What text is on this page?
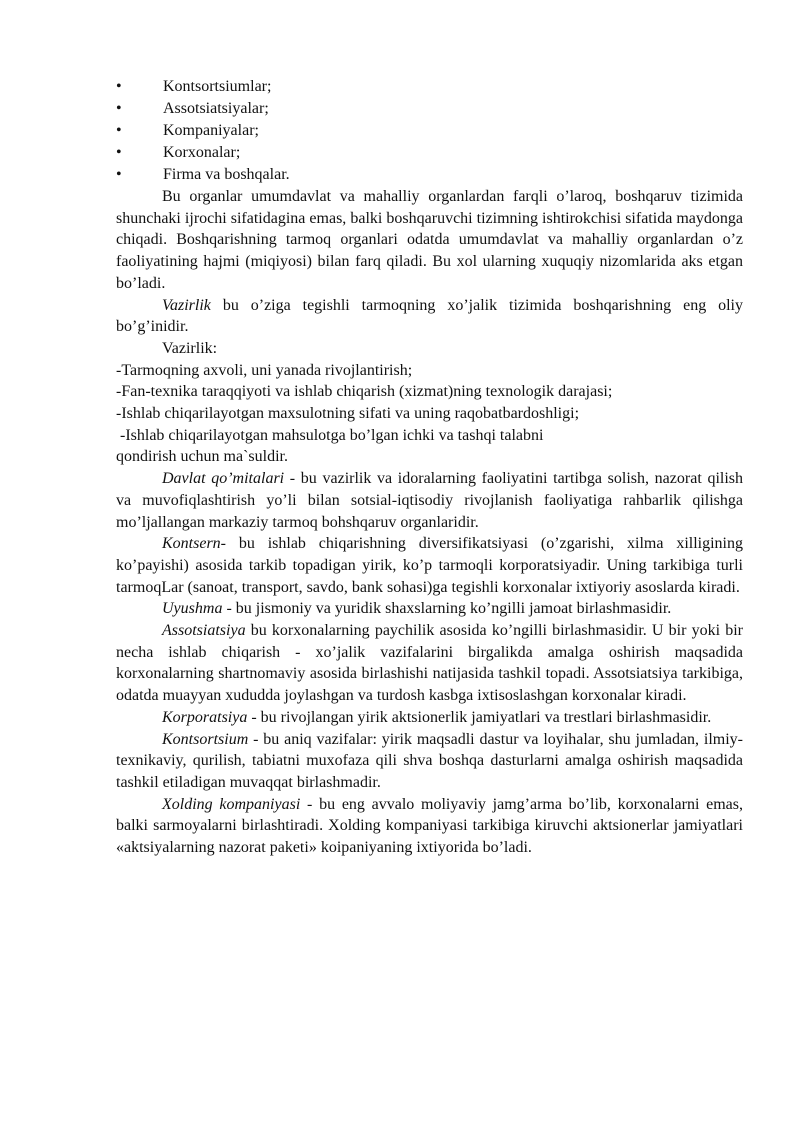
•	Kontsortsiumlar;
•	Assotsiatsiyalar;
•	Kompaniyalar;
•	Korxonalar;
•	Firma va boshqalar.

Bu organlar umumdavlat va mahalliy organlardan farqli o’laroq, boshqaruv tizimida shunchaki ijrochi sifatidagina emas, balki boshqaruvchi tizimning ishtirokchisi sifatida maydonga chiqadi. Boshqarishning tarmoq organlari odatda umumdavlat va mahalliy organlardan o’z faoliyatining hajmi (miqiyosi) bilan farq qiladi. Bu xol ularning xuquqiy nizomlarida aks etgan bo’ladi.

Vazirlik bu o’ziga tegishli tarmoqning xo’jalik tizimida boshqarishning eng oliy bo’g’inidir.

Vazirlik:

-Tarmoqning axvoli, uni yanada rivojlantirish;
-Fan-texnika taraqqiyoti va ishlab chiqarish (xizmat)ning texnologik darajasi;
-Ishlab chiqarilayotgan maxsulotning sifati va uning raqobatbardoshligi;
-Ishlab chiqarilayotgan mahsulotga bo’lgan ichki va tashqi talabni
qondirish uchun ma`suldir.

Davlat qo’mitalari - bu vazirlik va idoralarning faoliyatini tartibga solish, nazorat qilish va muvofiqlashtirish yo’li bilan sotsial-iqtisodiy rivojlanish faoliyatiga rahbarlik qilishga mo’ljallangan markaziy tarmoq bohshqaruv organlaridir.

Kontsern- bu ishlab chiqarishning diversifikatsiyasi (o’zgarishi, xilma xilligining ko’payishi) asosida tarkib topadigan yirik, ko’p tarmoqli korporatsiyadir. Uning tarkibiga turli tarmoqLar (sanoat, transport, savdo, bank sohasi)ga tegishli korxonalar ixtiyoriy asoslarda kiradi.

Uyushma - bu jismoniy va yuridik shaxslarning ko’ngilli jamoat birlashmasidir.

Assotsiatsiya bu korxonalarning paychilik asosida ko’ngilli birlashmasidir. U bir yoki bir necha ishlab chiqarish - xo’jalik vazifalarini birgalikda amalga oshirish maqsadida korxonalarning shartnomaviy asosida birlashishi natijasida tashkil topadi. Assotsiatsiya tarkibiga, odatda muayyan xududda joylashgan va turdosh kasbga ixtisoslashgan korxonalar kiradi.

Korporatsiya - bu rivojlangan yirik aktsionerlik jamiyatlari va trestlari birlashmasidir.

Kontsortsium - bu aniq vazifalar: yirik maqsadli dastur va loyihalar, shu jumladan, ilmiy-texnikaviy, qurilish, tabiatni muxofaza qili shva boshqa dasturlarni amalga oshirish maqsadida tashkil etiladigan muvaqqat birlashmadir.

Xolding kompaniyasi - bu eng avvalo moliyaviy jamg’arma bo’lib, korxonalarni emas, balki sarmoyalarni birlashtiradi. Xolding kompaniyasi tarkibiga kiruvchi aktsionerlar jamiyatlari «aktsiyalarning nazorat paketi» koipaniyaning ixtiyorida bo’ladi.
